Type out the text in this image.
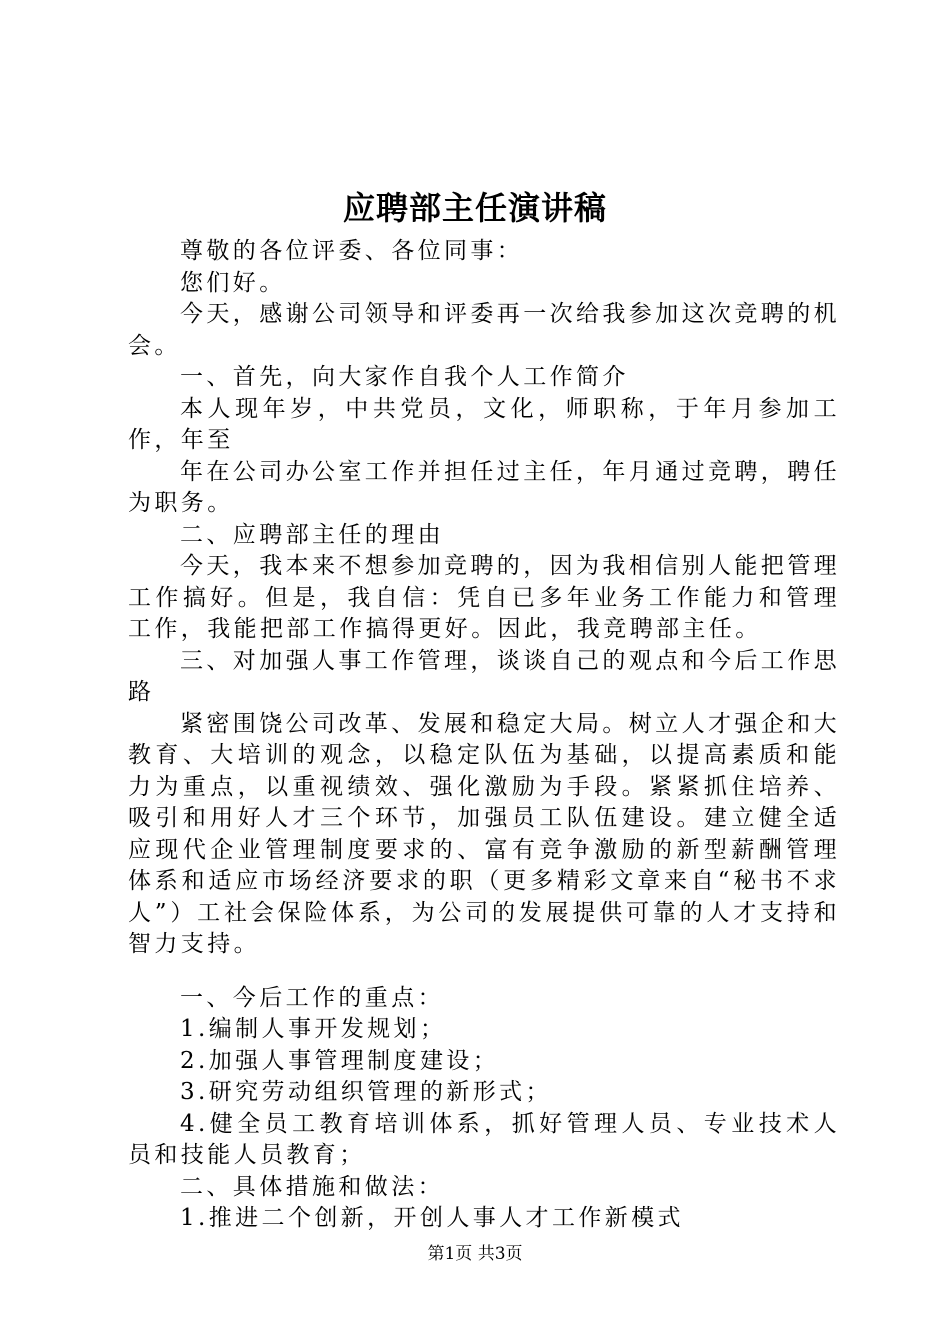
应聘部主任演讲稿

尊敬的各位评委、各位同事：

您们好。

今天，感谢公司领导和评委再一次给我参加这次竞聘的机会。

一、首先，向大家作自我个人工作简介

本人现年岁，中共党员，文化，师职称，于年月参加工作，年至

年在公司办公室工作并担任过主任，年月通过竞聘，聘任为职务。

二、应聘部主任的理由

今天，我本来不想参加竞聘的，因为我相信别人能把管理工作搞好。但是，我自信：凭自已多年业务工作能力和管理工作，我能把部工作搞得更好。因此，我竞聘部主任。

三、对加强人事工作管理，谈谈自己的观点和今后工作思路

紧密围饶公司改革、发展和稳定大局。树立人才强企和大教育、大培训的观念，以稳定队伍为基础，以提高素质和能力为重点，以重视绩效、强化激励为手段。紧紧抓住培养、吸引和用好人才三个环节，加强员工队伍建设。建立健全适应现代企业管理制度要求的、富有竞争激励的新型薪酬管理体系和适应市场经济要求的职（更多精彩文章来自“秘书不求人”）工社会保险体系，为公司的发展提供可靠的人才支持和智力支持。

一、今后工作的重点：

1.编制人事开发规划；

2.加强人事管理制度建设；

3.研究劳动组织管理的新形式；

4.健全员工教育培训体系，抓好管理人员、专业技术人员和技能人员教育；

二、具体措施和做法：

1.推进二个创新，开创人事人才工作新模式

第1页 共3页
